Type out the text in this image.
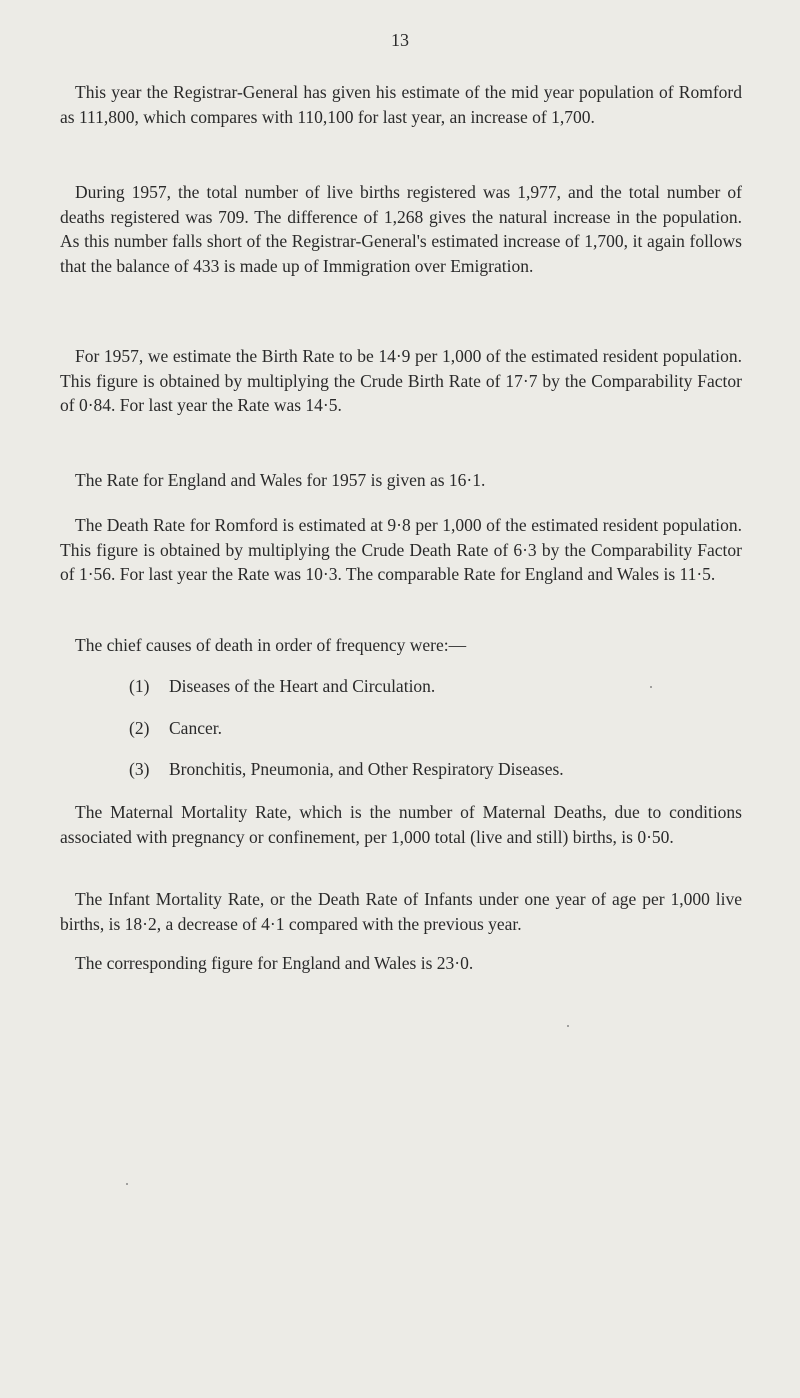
13

This year the Registrar-General has given his estimate of the mid year population of Romford as 111,800, which compares with 110,100 for last year, an increase of 1,700.

During 1957, the total number of live births registered was 1,977, and the total number of deaths registered was 709. The difference of 1,268 gives the natural increase in the population. As this number falls short of the Registrar-General's estimated increase of 1,700, it again follows that the balance of 433 is made up of Immigration over Emigration.

For 1957, we estimate the Birth Rate to be 14·9 per 1,000 of the estimated resident population. This figure is obtained by multiplying the Crude Birth Rate of 17·7 by the Comparability Factor of 0·84. For last year the Rate was 14·5.

The Rate for England and Wales for 1957 is given as 16·1.

The Death Rate for Romford is estimated at 9·8 per 1,000 of the estimated resident population. This figure is obtained by multiplying the Crude Death Rate of 6·3 by the Comparability Factor of 1·56. For last year the Rate was 10·3. The comparable Rate for England and Wales is 11·5.

The chief causes of death in order of frequency were:—

(1) Diseases of the Heart and Circulation.

(2) Cancer.

(3) Bronchitis, Pneumonia, and Other Respiratory Diseases.

The Maternal Mortality Rate, which is the number of Maternal Deaths, due to conditions associated with pregnancy or confinement, per 1,000 total (live and still) births, is 0·50.

The Infant Mortality Rate, or the Death Rate of Infants under one year of age per 1,000 live births, is 18·2, a decrease of 4·1 compared with the previous year.

The corresponding figure for England and Wales is 23·0.
